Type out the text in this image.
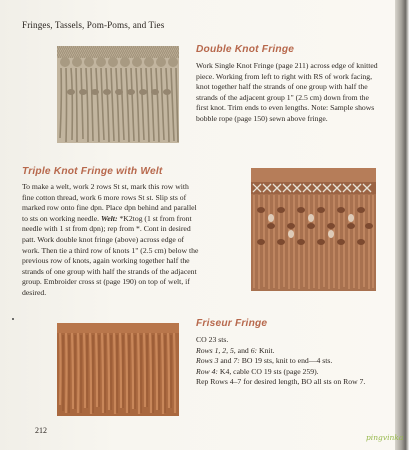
Fringes, Tassels, Pom-Poms, and Ties
Double Knot Fringe

Work Single Knot Fringe (page 211) across edge of knitted

piece. Working from left to right with RS of work facing,

knot together half the strands of one group with half the

strands of the adjacent group 1" (2.5 cm) down from the

first knot. Trim ends to even lengths. Note: Sample shows

bobble rope (page 150) sewn above fringe.

Triple Knot Fringe with Welt

To make a welt, work 2 rows St st, mark this row with

fine cotton thread, work 6 more rows St st. Slip sts of

marked row onto fine dpn. Place dpn behind and parallel

to sts on working needle. Welt: *K2tog (1 st from front

needle with 1 st from dpn); rep from *. Cont in desired

patt. Work double knot fringe (above) across edge of

work. Then tie a third row of knots 1" (2.5 cm) below the

previous row of knots, again working together half the

strands of one group with half the strands of the adjacent

group. Embroider cross st (page 190) on top of welt, if

desired.

Friseur Fringe

CO 23 sts.

Rows 1, 2, 5, and 6: Knit.

Rows 3 and 7: BO 19 sts, knit to end—4 sts.

Row 4: K4, cable CO 19 sts (page 259).

Rep Rows 4–7 for desired length, BO all sts on Row 7.

212
pingvinka
